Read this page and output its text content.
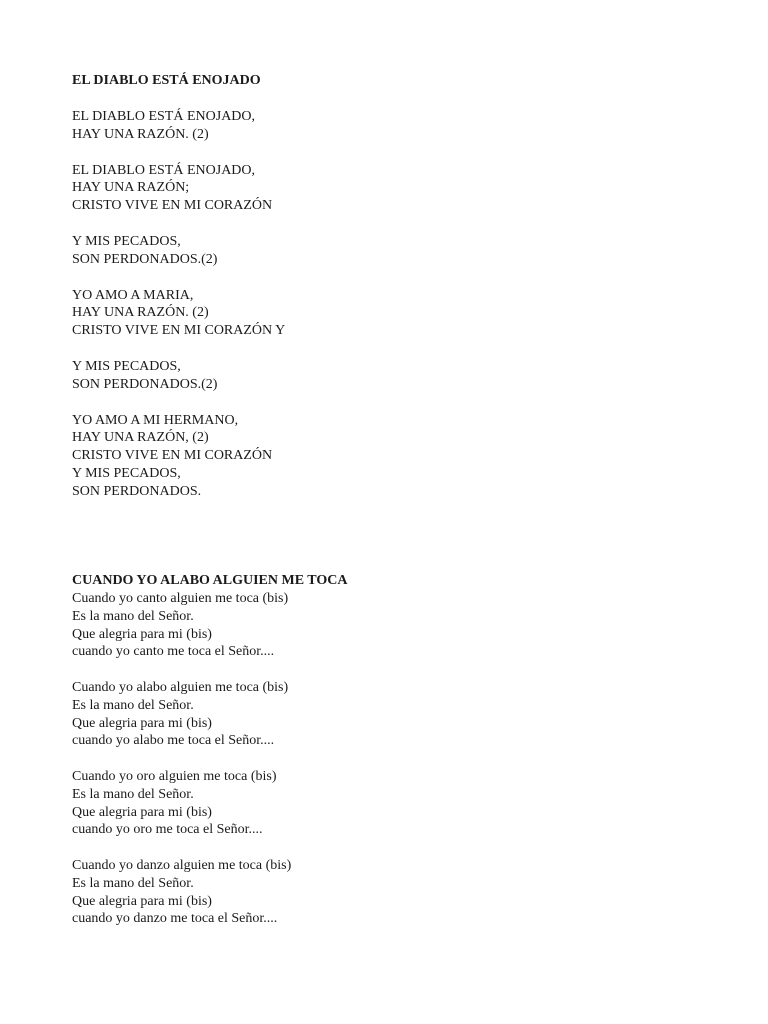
EL DIABLO ESTÁ ENOJADO

EL DIABLO ESTÁ ENOJADO,

HAY UNA RAZÓN. (2)

EL DIABLO ESTÁ ENOJADO,

HAY UNA RAZÓN;

CRISTO VIVE EN MI CORAZÓN

Y MIS PECADOS,

SON PERDONADOS.(2)

YO AMO A MARIA,

HAY UNA RAZÓN. (2)

CRISTO VIVE EN MI CORAZÓN Y

Y MIS PECADOS,

SON PERDONADOS.(2)

YO AMO A MI HERMANO,

HAY UNA RAZÓN, (2)

CRISTO VIVE EN MI CORAZÓN

Y MIS PECADOS,

SON PERDONADOS.

CUANDO YO ALABO ALGUIEN ME TOCA

Cuando yo canto alguien me toca (bis)

Es la mano del Señor.

Que alegria para mi (bis)

cuando yo canto me toca el Señor....

Cuando yo alabo alguien me toca (bis)

Es la mano del Señor.

Que alegria para mi (bis)

cuando yo alabo me toca el Señor....

Cuando yo oro alguien me toca (bis)

Es la mano del Señor.

Que alegria para mi (bis)

cuando yo oro me toca el Señor....

Cuando yo danzo alguien me toca (bis)

Es la mano del Señor.

Que alegria para mi (bis)

cuando yo danzo me toca el Señor....
